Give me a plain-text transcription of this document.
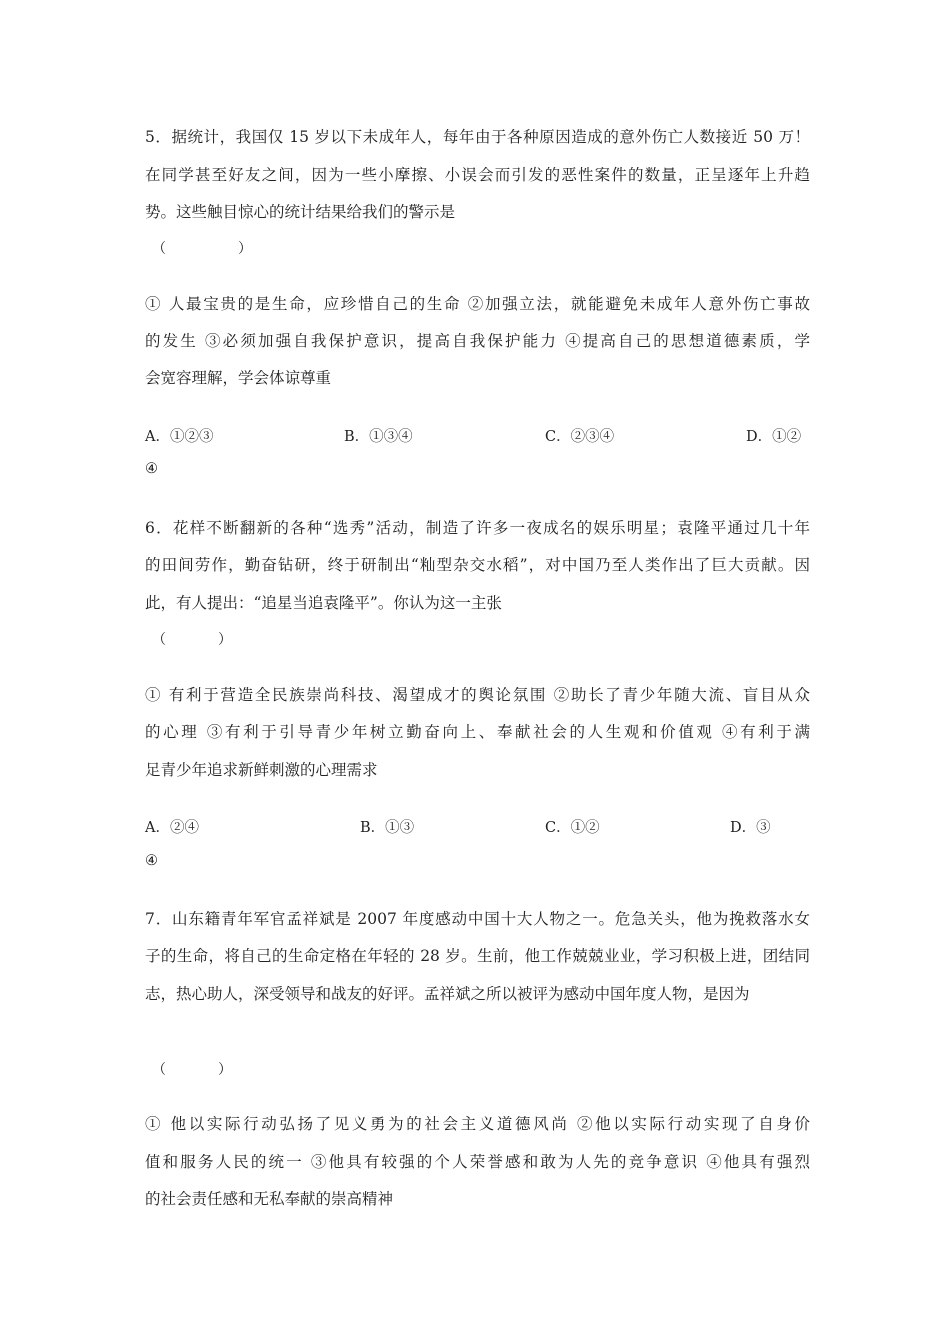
5．据统计，我国仅 15 岁以下未成年人，每年由于各种原因造成的意外伤亡人数接近 50 万！
在同学甚至好友之间，因为一些小摩擦、小误会而引发的恶性案件的数量，正呈逐年上升趋
势。这些触目惊心的统计结果给我们的警示是
（	）
① 人最宝贵的是生命，应珍惜自己的生命 ②加强立法，就能避免未成年人意外伤亡事故
的发生 ③必须加强自我保护意识，提高自我保护能力 ④提高自己的思想道德素质，学
会宽容理解，学会体谅尊重
A．①②③	B．①③④	C．②③④	D．①②
④
6．花样不断翻新的各种“选秀”活动，制造了许多一夜成名的娱乐明星；袁隆平通过几十年
的田间劳作，勤奋钻研，终于研制出“籼型杂交水稻”，对中国乃至人类作出了巨大贡献。因
此，有人提出：“追星当追袁隆平”。你认为这一主张
（	）
① 有利于营造全民族崇尚科技、渴望成才的舆论氛围 ②助长了青少年随大流、盲目从众
的心理 ③有利于引导青少年树立勤奋向上、奉献社会的人生观和价值观 ④有利于满
足青少年追求新鲜刺激的心理需求
A．②④	B．①③	C．①②	D．③
④
7．山东籍青年军官孟祥斌是 2007 年度感动中国十大人物之一。危急关头，他为挽救落水女
子的生命，将自己的生命定格在年轻的 28 岁。生前，他工作兢兢业业，学习积极上进，团结同
志，热心助人，深受领导和战友的好评。孟祥斌之所以被评为感动中国年度人物，是因为
（	）
① 他以实际行动弘扬了见义勇为的社会主义道德风尚 ②他以实际行动实现了自身价
值和服务人民的统一 ③他具有较强的个人荣誉感和敢为人先的竞争意识 ④他具有强烈
的社会责任感和无私奉献的崇高精神
